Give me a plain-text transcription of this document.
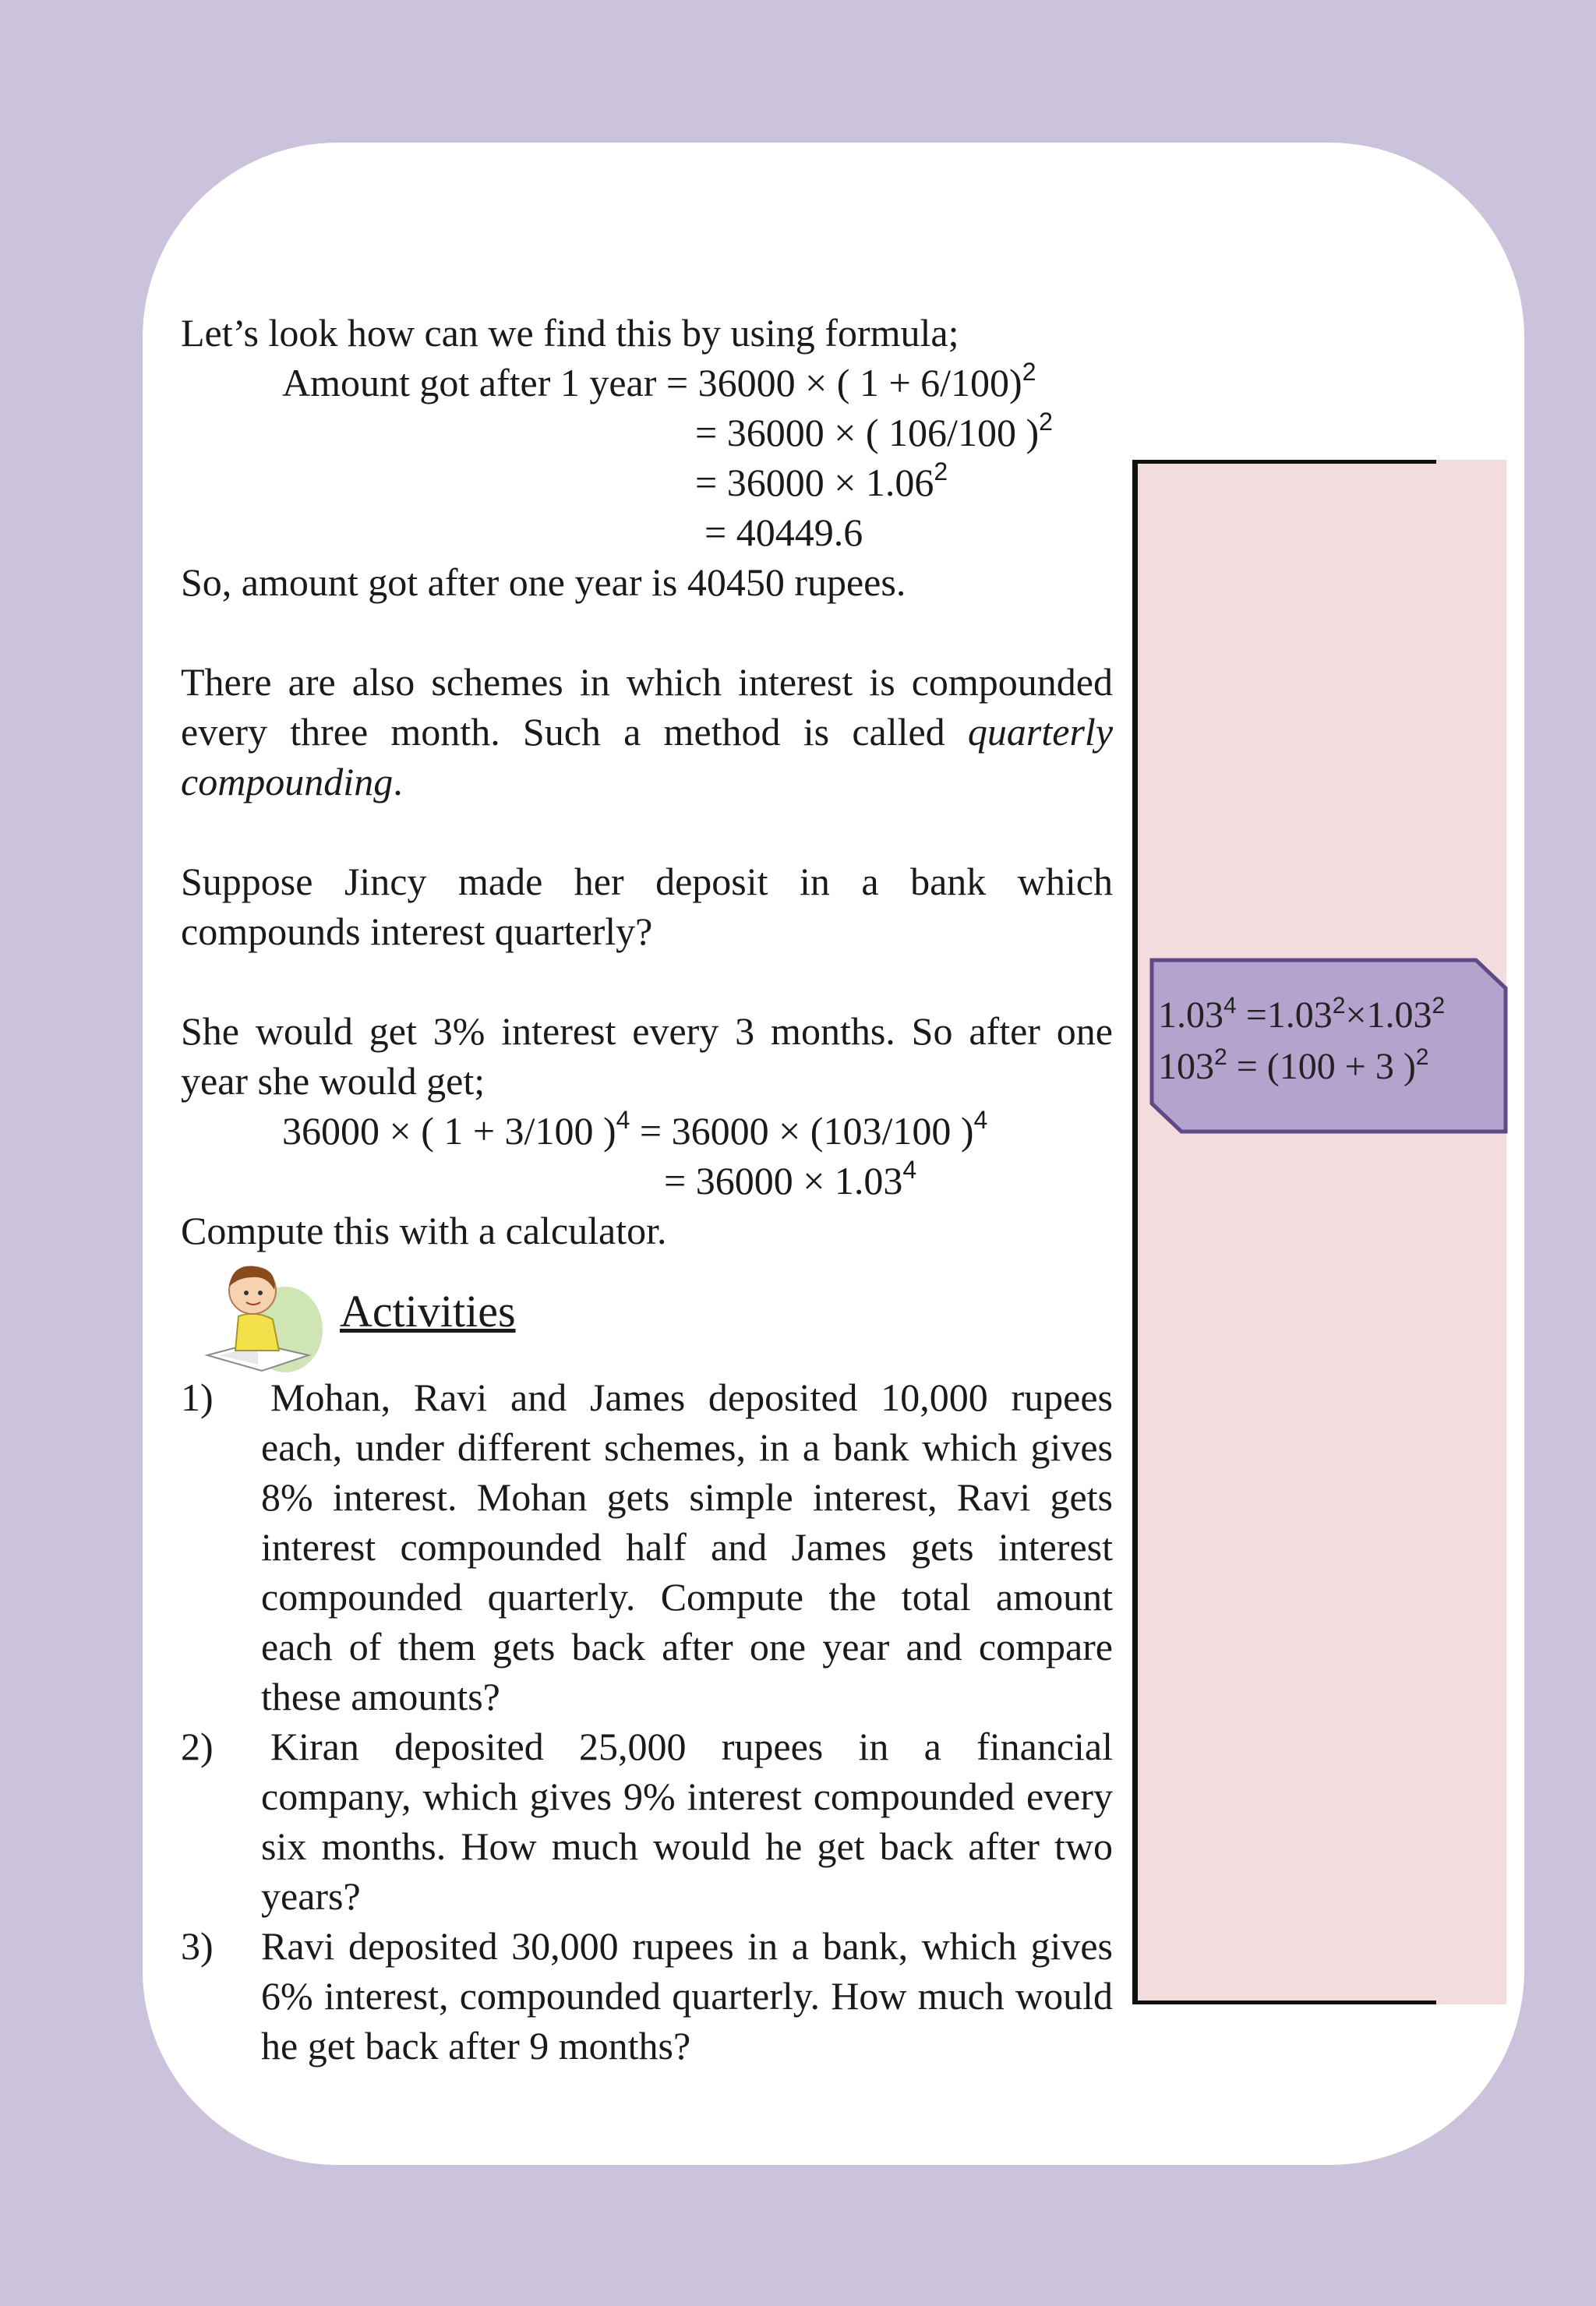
$1.03^4 =1.03^2\times 1.03^2$
$103^2 = (100 + 3$ )$^2$
Let’s look how can we find this by using formula;
Amount got after 1 year = 36000 × ( 1 + 6/100)$^2$
= 36000 × ( 106/100 )$^2$
= $36000 \times 1.06^2$
= 40449.6
So, amount got after one year is 40450 rupees.
There are also schemes in which interest is compounded every three month. Such a method is called quarterly compounding.
Suppose Jincy made her deposit in a bank which compounds interest quarterly?
She would get 3% interest every 3 months. So after one year she would get;
36000 × ( 1 + 3/100 )$^4$ = 36000 × (103/100 )$^4$
= $36000 \times 1.03^4$
Compute this with a calculator.
Activities
1) Mohan, Ravi and James deposited 10,000 rupees each, under different schemes, in a bank which gives 8% interest. Mohan gets simple interest, Ravi gets interest compounded half and James gets interest compounded quarterly. Compute the total amount each of them gets back after one year and compare these amounts?
2) Kiran deposited 25,000 rupees in a financial company, which gives 9% interest compounded every six months. How much would he get back after two years?
3) Ravi deposited 30,000 rupees in a bank, which gives 6% interest, compounded quarterly. How much would he get back after 9 months?
